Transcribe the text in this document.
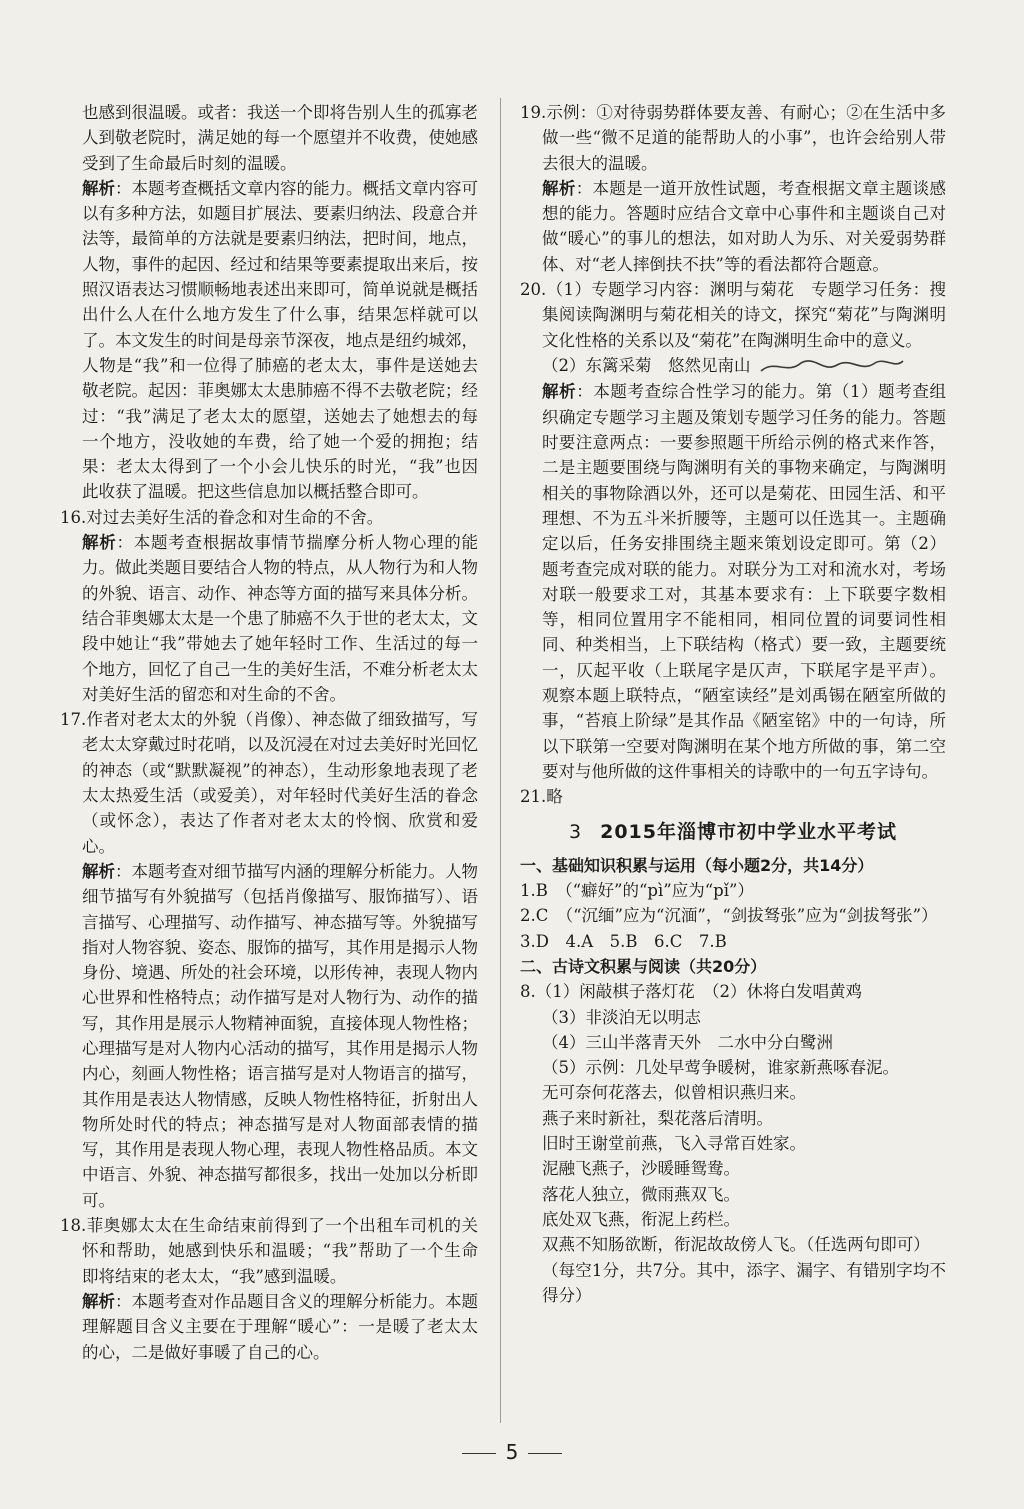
也感到很温暖。或者：我送一个即将告别人生的孤寡老人到敬老院时，满足她的每一个愿望并不收费，使她感受到了生命最后时刻的温暖。

解析：本题考查概括文章内容的能力。概括文章内容可以有多种方法，如题目扩展法、要素归纳法、段意合并法等，最简单的方法就是要素归纳法，把时间，地点，人物，事件的起因、经过和结果等要素提取出来后，按照汉语表达习惯顺畅地表述出来即可，简单说就是概括出什么人在什么地方发生了什么事，结果怎样就可以了。本文发生的时间是母亲节深夜，地点是纽约城郊，人物是“我”和一位得了肺癌的老太太，事件是送她去敬老院。起因：菲奥娜太太患肺癌不得不去敬老院；经过：“我”满足了老太太的愿望，送她去了她想去的每一个地方，没收她的车费，给了她一个爱的拥抱；结果：老太太得到了一个小会儿快乐的时光，“我”也因此收获了温暖。把这些信息加以概括整合即可。

16.对过去美好生活的眷念和对生命的不舍。

解析：本题考查根据故事情节揣摩分析人物心理的能力。做此类题目要结合人物的特点，从人物行为和人物的外貌、语言、动作、神态等方面的描写来具体分析。结合菲奥娜太太是一个患了肺癌不久于世的老太太，文段中她让“我”带她去了她年轻时工作、生活过的每一个地方，回忆了自己一生的美好生活，不难分析老太太对美好生活的留恋和对生命的不舍。

17.作者对老太太的外貌（肖像）、神态做了细致描写，写老太太穿戴过时花哨，以及沉浸在对过去美好时光回忆的神态（或“默默凝视”的神态），生动形象地表现了老太太热爱生活（或爱美），对年轻时代美好生活的眷念（或怀念），表达了作者对老太太的怜悯、欣赏和爱心。

解析：本题考查对细节描写内涵的理解分析能力。人物细节描写有外貌描写（包括肖像描写、服饰描写）、语言描写、心理描写、动作描写、神态描写等。外貌描写指对人物容貌、姿态、服饰的描写，其作用是揭示人物身份、境遇、所处的社会环境，以形传神，表现人物内心世界和性格特点；动作描写是对人物行为、动作的描写，其作用是展示人物精神面貌，直接体现人物性格；心理描写是对人物内心活动的描写，其作用是揭示人物内心，刻画人物性格；语言描写是对人物语言的描写，其作用是表达人物情感，反映人物性格特征，折射出人物所处时代的特点；神态描写是对人物面部表情的描写，其作用是表现人物心理，表现人物性格品质。本文中语言、外貌、神态描写都很多，找出一处加以分析即可。

18.菲奥娜太太在生命结束前得到了一个出租车司机的关怀和帮助，她感到快乐和温暖；“我”帮助了一个生命即将结束的老太太，“我”感到温暖。

解析：本题考查对作品题目含义的理解分析能力。本题理解题目含义主要在于理解“暖心”：一是暖了老太太的心，二是做好事暖了自己的心。

19.示例：①对待弱势群体要友善、有耐心；②在生活中多做一些“微不足道的能帮助人的小事”，也许会给别人带去很大的温暖。

解析：本题是一道开放性试题，考查根据文章主题谈感想的能力。答题时应结合文章中心事件和主题谈自己对做“暖心”的事儿的想法，如对助人为乐、对关爱弱势群体、对“老人摔倒扶不扶”等的看法都符合题意。

20.（1）专题学习内容：渊明与菊花　专题学习任务：搜集阅读陶渊明与菊花相关的诗文，探究“菊花”与陶渊明文化性格的关系以及“菊花”在陶渊明生命中的意义。

（2）东篱采菊　悠然见南山

解析：本题考查综合性学习的能力。第（1）题考查组织确定专题学习主题及策划专题学习任务的能力。答题时要注意两点：一要参照题干所给示例的格式来作答，二是主题要围绕与陶渊明有关的事物来确定，与陶渊明相关的事物除酒以外，还可以是菊花、田园生活、和平理想、不为五斗米折腰等，主题可以任选其一。主题确定以后，任务安排围绕主题来策划设定即可。第（2）题考查完成对联的能力。对联分为工对和流水对，考场对联一般要求工对，其基本要求有：上下联要字数相等，相同位置用字不能相同，相同位置的词要词性相同、种类相当，上下联结构（格式）要一致，主题要统一，仄起平收（上联尾字是仄声，下联尾字是平声）。观察本题上联特点，“陋室读经”是刘禹锡在陋室所做的事，“苔痕上阶绿”是其作品《陋室铭》中的一句诗，所以下联第一空要对陶渊明在某个地方所做的事，第二空要对与他所做的这件事相关的诗歌中的一句五字诗句。

21.略

3 2015年淄博市初中学业水平考试

一、基础知识积累与运用（每小题2分，共14分）

1.B　（“癖好”的“pì”应为“pǐ”）

2.C　（“沉缅”应为“沉湎”，“剑拔驽张”应为“剑拔弩张”）

3.D　4.A　5.B　6.C　7.B

二、古诗文积累与阅读（共20分）

8.（1）闲敲棋子落灯花　（2）休将白发唱黄鸡

（3）非淡泊无以明志

（4）三山半落青天外　二水中分白鹭洲

（5）示例：几处早莺争暖树，谁家新燕啄春泥。

无可奈何花落去，似曾相识燕归来。

燕子来时新社，梨花落后清明。

旧时王谢堂前燕，飞入寻常百姓家。

泥融飞燕子，沙暖睡鸳鸯。

落花人独立，微雨燕双飞。

底处双飞燕，衔泥上药栏。

双燕不知肠欲断，衔泥故故傍人飞。（任选两句即可）

（每空1分，共7分。其中，添字、漏字、有错别字均不得分）

5
